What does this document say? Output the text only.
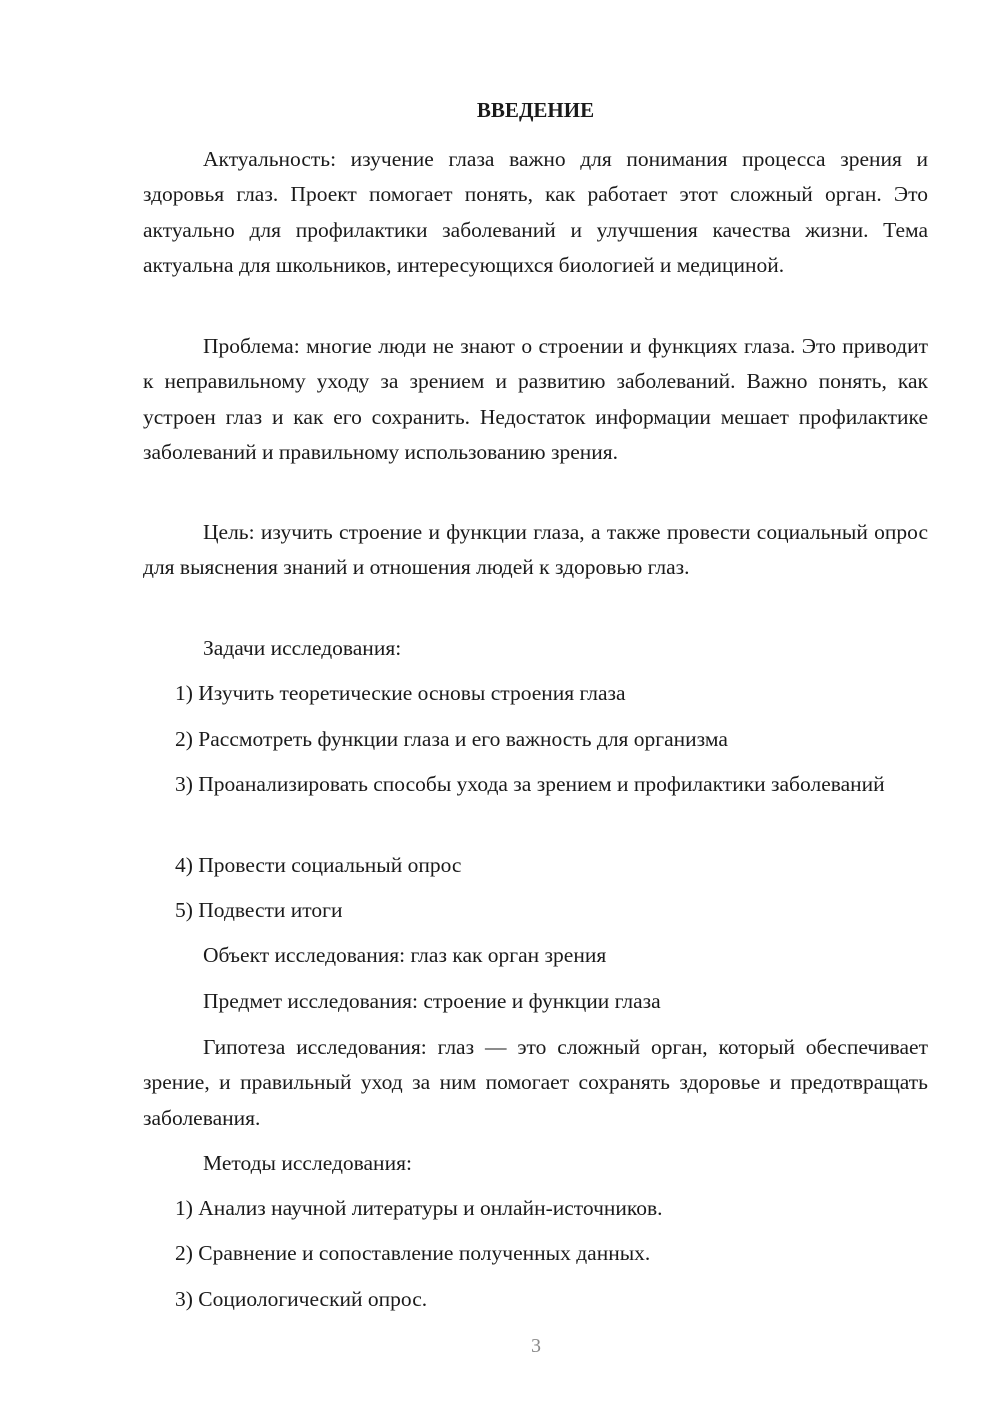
ВВЕДЕНИЕ

Актуальность: изучение глаза важно для понимания процесса зрения и здоровья глаз. Проект помогает понять, как работает этот сложный орган. Это актуально для профилактики заболеваний и улучшения качества жизни. Тема актуальна для школьников, интересующихся биологией и медициной.

Проблема: многие люди не знают о строении и функциях глаза. Это приводит к неправильному уходу за зрением и развитию заболеваний. Важно понять, как устроен глаз и как его сохранить. Недостаток информации мешает профилактике заболеваний и правильному использованию зрения.

Цель: изучить строение и функции глаза, а также провести социальный опрос для выяснения знаний и отношения людей к здоровью глаз.

Задачи исследования:

1) Изучить теоретические основы строения глаза

2) Рассмотреть функции глаза и его важность для организма

3) Проанализировать способы ухода за зрением и профилактики заболеваний

4) Провести социальный опрос

5) Подвести итоги

Объект исследования: глаз как орган зрения

Предмет исследования: строение и функции глаза

Гипотеза исследования: глаз — это сложный орган, который обеспечивает зрение, и правильный уход за ним помогает сохранять здоровье и предотвращать заболевания.

Методы исследования:

1) Анализ научной литературы и онлайн-источников.

2) Сравнение и сопоставление полученных данных.

3) Социологический опрос.

3
